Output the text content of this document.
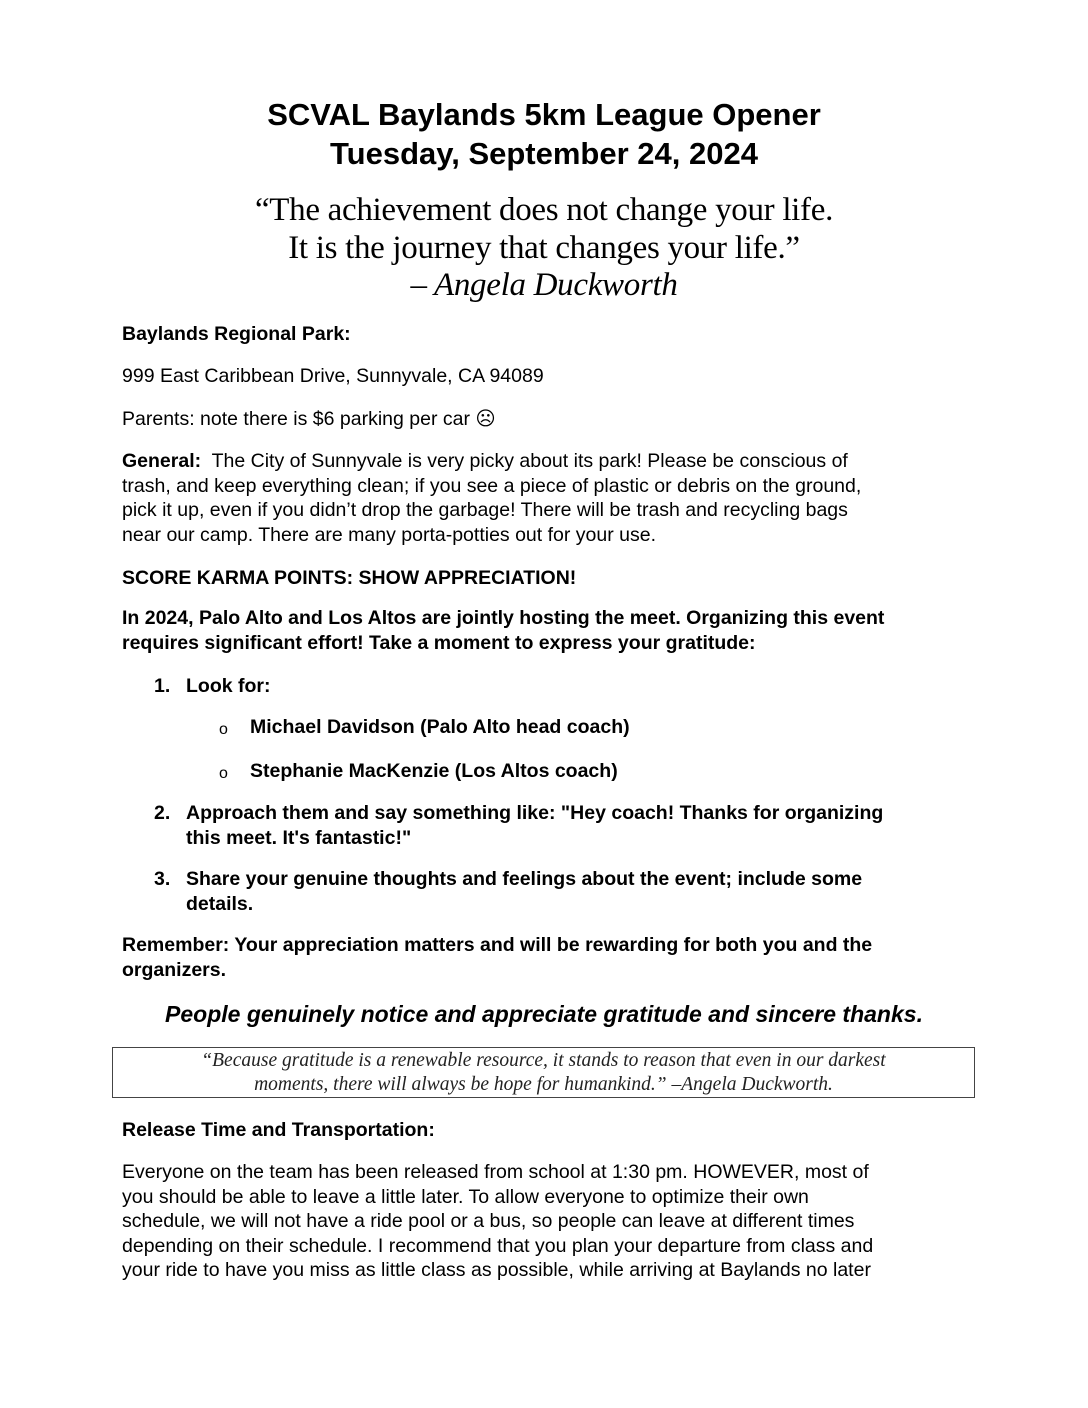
SCVAL Baylands 5km League Opener
Tuesday, September 24, 2024
“The achievement does not change your life.
It is the journey that changes your life.”
– Angela Duckworth
Baylands Regional Park:
999 East Caribbean Drive, Sunnyvale, CA 94089
Parents: note there is $6 parking per car ☹
General: The City of Sunnyvale is very picky about its park! Please be conscious of
trash, and keep everything clean; if you see a piece of plastic or debris on the ground,
pick it up, even if you didn’t drop the garbage! There will be trash and recycling bags
near our camp. There are many porta-potties out for your use.
SCORE KARMA POINTS: SHOW APPRECIATION!
In 2024, Palo Alto and Los Altos are jointly hosting the meet. Organizing this event
requires significant effort! Take a moment to express your gratitude:
1. Look for:
o Michael Davidson (Palo Alto head coach)
o Stephanie MacKenzie (Los Altos coach)
2. Approach them and say something like: "Hey coach! Thanks for organizing
this meet. It's fantastic!"
3. Share your genuine thoughts and feelings about the event; include some
details.
Remember: Your appreciation matters and will be rewarding for both you and the
organizers.
People genuinely notice and appreciate gratitude and sincere thanks.
“Because gratitude is a renewable resource, it stands to reason that even in our darkest
moments, there will always be hope for humankind.” –Angela Duckworth.
Release Time and Transportation:
Everyone on the team has been released from school at 1:30 pm. HOWEVER, most of
you should be able to leave a little later. To allow everyone to optimize their own
schedule, we will not have a ride pool or a bus, so people can leave at different times
depending on their schedule. I recommend that you plan your departure from class and
your ride to have you miss as little class as possible, while arriving at Baylands no later
